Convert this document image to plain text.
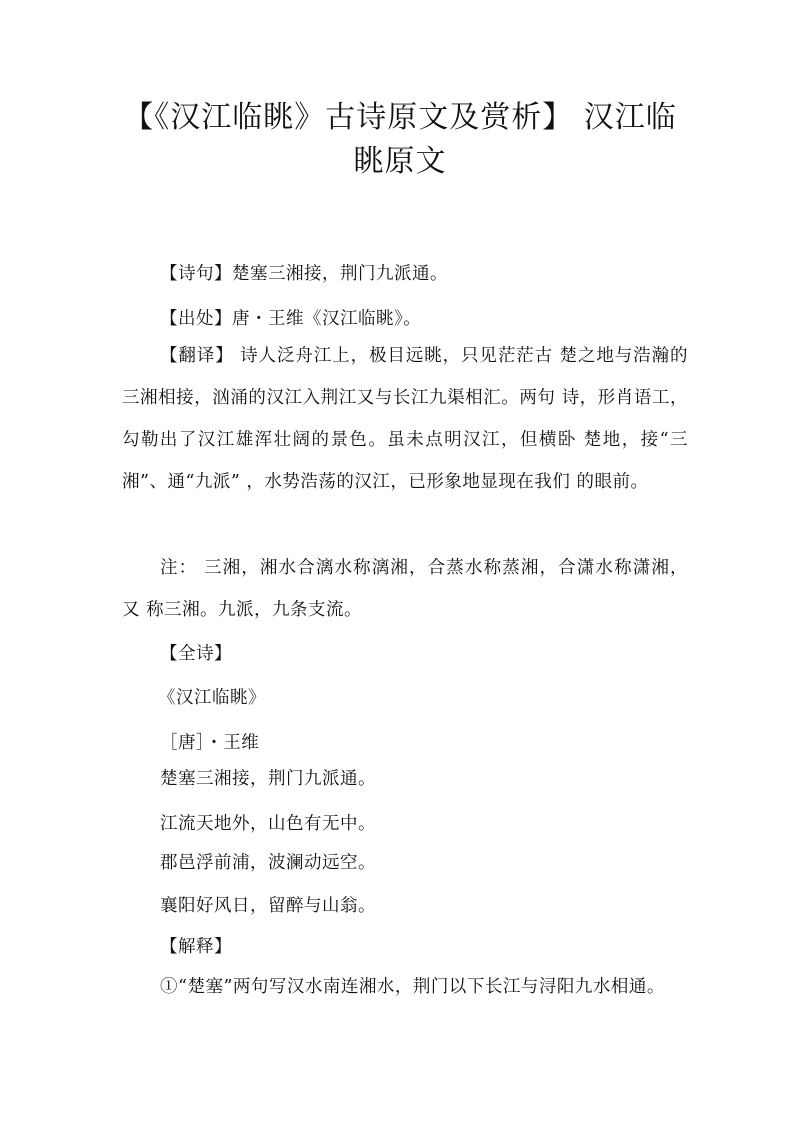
【《汉江临眺》古诗原文及赏析】 汉江临眺原文
【诗句】楚塞三湘接，荆门九派通。
【出处】唐・王维《汉江临眺》。

【翻译】 诗人泛舟江上，极目远眺，只见茫茫古 楚之地与浩瀚的三湘相接，汹涌的汉江入荆江又与长江九渠相汇。两句 诗，形肖语工，勾勒出了汉江雄浑壮阔的景色。虽未点明汉江，但横卧 楚地，接“三湘”、通“九派” ，水势浩荡的汉江，已形象地显现在我们 的眼前。

注： 三湘，湘水合漓水称漓湘，合蒸水称蒸湘，合潇水称潇湘，又 称三湘。九派，九条支流。

【全诗】
《汉江临眺》
［唐］・王维
楚塞三湘接，荆门九派通。
江流天地外，山色有无中。
郡邑浮前浦，波澜动远空。
襄阳好风日，留醉与山翁。
【解释】
①“楚塞”两句写汉水南连湘水，荆门以下长江与浔阳九水相通。
